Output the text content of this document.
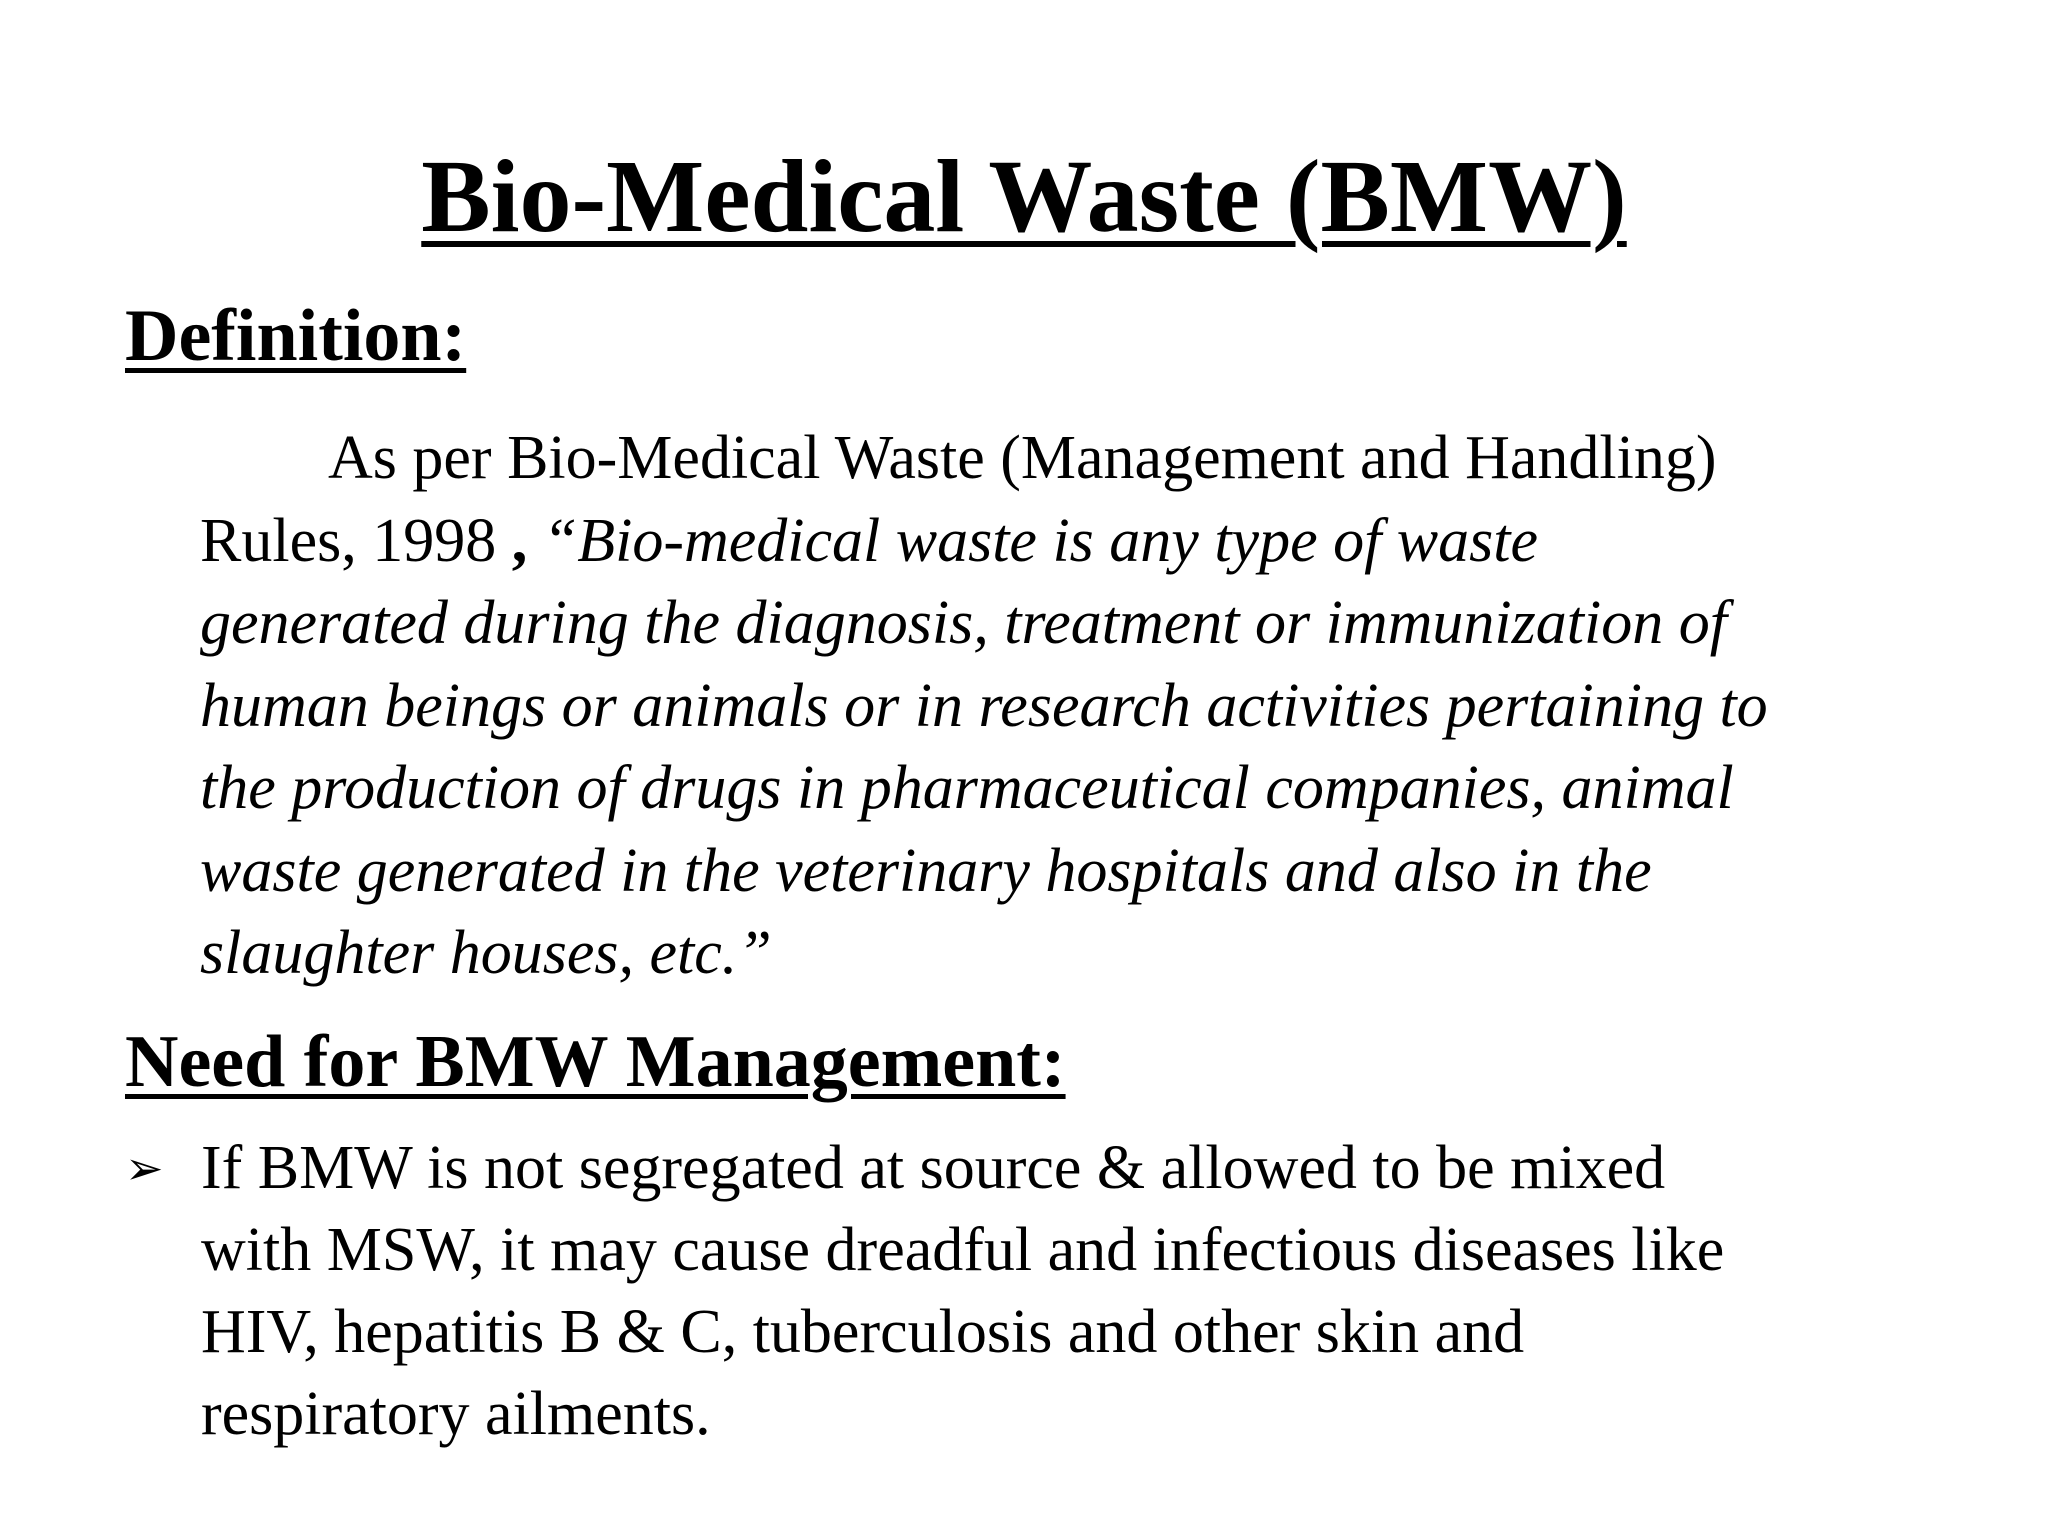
Bio-Medical Waste (BMW)
Definition:
As per Bio-Medical Waste (Management and Handling)
Rules, 1998 , “Bio-medical waste is any type of waste
generated during the diagnosis, treatment or immunization of
human beings or animals or in research activities pertaining to
the production of drugs in pharmaceutical companies, animal
waste generated in the veterinary hospitals and also in the
slaughter houses, etc.”
Need for BMW Management:
➢ If BMW is not segregated at source & allowed to be mixed
with MSW, it may cause dreadful and infectious diseases like
HIV, hepatitis B & C, tuberculosis and other skin and
respiratory ailments.
